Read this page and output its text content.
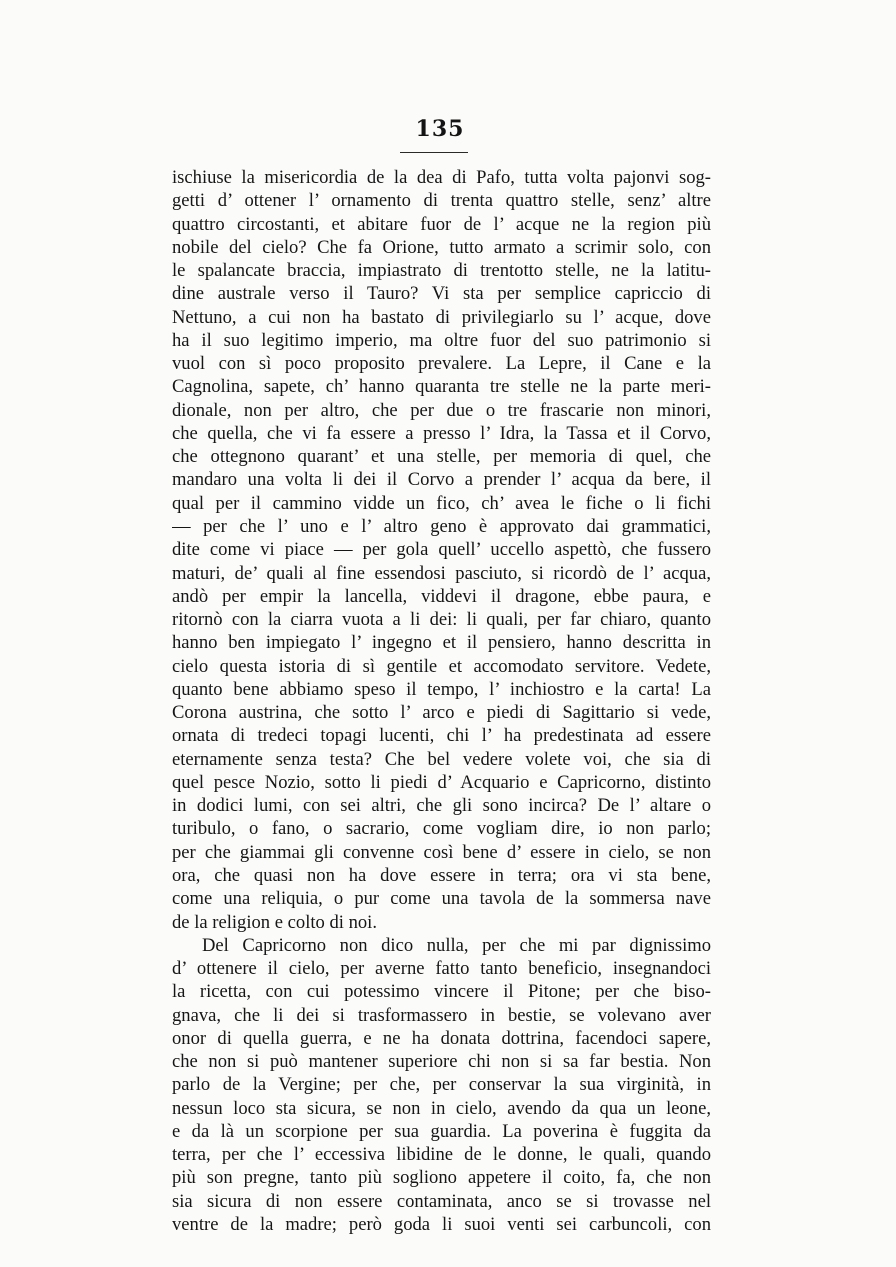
135
ischiuse la misericordia de la dea di Pafo, tutta volta pajonvi sog-
getti d’ ottener l’ ornamento di trenta quattro stelle, senz’ altre
quattro circostanti, et abitare fuor de l’ acque ne la region più
nobile del cielo? Che fa Orione, tutto armato a scrimir solo, con
le spalancate braccia, impiastrato di trentotto stelle, ne la latitu-
dine australe verso il Tauro? Vi sta per semplice capriccio di
Nettuno, a cui non ha bastato di privilegiarlo su l’ acque, dove
ha il suo legitimo imperio, ma oltre fuor del suo patrimonio si
vuol con sì poco proposito prevalere. La Lepre, il Cane e la
Cagnolina, sapete, ch’ hanno quaranta tre stelle ne la parte meri-
dionale, non per altro, che per due o tre frascarie non minori,
che quella, che vi fa essere a presso l’ Idra, la Tassa et il Corvo,
che ottegnono quarant’ et una stelle, per memoria di quel, che
mandaro una volta li dei il Corvo a prender l’ acqua da bere, il
qual per il cammino vidde un fico, ch’ avea le fiche o li fichi
— per che l’ uno e l’ altro geno è approvato dai grammatici,
dite come vi piace — per gola quell’ uccello aspettò, che fussero
maturi, de’ quali al fine essendosi pasciuto, si ricordò de l’ acqua,
andò per empir la lancella, viddevi il dragone, ebbe paura, e
ritornò con la ciarra vuota a li dei: li quali, per far chiaro, quanto
hanno ben impiegato l’ ingegno et il pensiero, hanno descritta in
cielo questa istoria di sì gentile et accomodato servitore. Vedete,
quanto bene abbiamo speso il tempo, l’ inchiostro e la carta! La
Corona austrina, che sotto l’ arco e piedi di Sagittario si vede,
ornata di tredeci topagi lucenti, chi l’ ha predestinata ad essere
eternamente senza testa? Che bel vedere volete voi, che sia di
quel pesce Nozio, sotto li piedi d’ Acquario e Capricorno, distinto
in dodici lumi, con sei altri, che gli sono incirca? De l’ altare o
turibulo, o fano, o sacrario, come vogliam dire, io non parlo;
per che giammai gli convenne così bene d’ essere in cielo, se non
ora, che quasi non ha dove essere in terra; ora vi sta bene,
come una reliquia, o pur come una tavola de la sommersa nave
de la religion e colto di noi.
Del Capricorno non dico nulla, per che mi par dignissimo
d’ ottenere il cielo, per averne fatto tanto beneficio, insegnandoci
la ricetta, con cui potessimo vincere il Pitone; per che biso-
gnava, che li dei si trasformassero in bestie, se volevano aver
onor di quella guerra, e ne ha donata dottrina, facendoci sapere,
che non si può mantener superiore chi non si sa far bestia. Non
parlo de la Vergine; per che, per conservar la sua virginità, in
nessun loco sta sicura, se non in cielo, avendo da qua un leone,
e da là un scorpione per sua guardia. La poverina è fuggita da
terra, per che l’ eccessiva libidine de le donne, le quali, quando
più son pregne, tanto più sogliono appetere il coito, fa, che non
sia sicura di non essere contaminata, anco se si trovasse nel
ventre de la madre; però goda li suoi venti sei carbuncoli, con
